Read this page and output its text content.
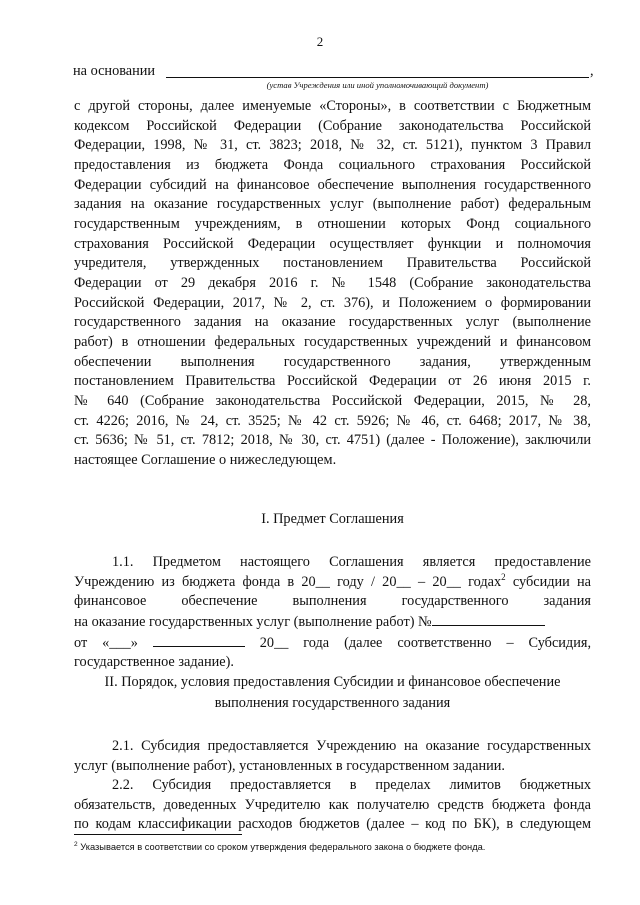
2
на основании	,
(устав Учреждения или иной уполномочивающий документ)
с другой стороны, далее именуемые «Стороны», в соответствии с Бюджетным
кодексом Российской Федерации (Собрание законодательства Российской
Федерации, 1998, № 31, ст. 3823; 2018, № 32, ст. 5121), пунктом 3 Правил
предоставления из бюджета Фонда социального страхования Российской
Федерации субсидий на финансовое обеспечение выполнения государственного
задания на оказание государственных услуг (выполнение работ) федеральным
государственным учреждениям, в отношении которых Фонд социального
страхования Российской Федерации осуществляет функции и полномочия
учредителя, утвержденных постановлением Правительства Российской
Федерации от 29 декабря 2016 г. № 1548 (Собрание законодательства
Российской Федерации, 2017, № 2, ст. 376), и Положением о формировании
государственного задания на оказание государственных услуг (выполнение
работ) в отношении федеральных государственных учреждений и финансовом
обеспечении выполнения государственного задания, утвержденным
постановлением Правительства Российской Федерации от 26 июня 2015 г.
№ 640 (Собрание законодательства Российской Федерации, 2015, № 28,
ст. 4226; 2016, № 24, ст. 3525; № 42 ст. 5926; № 46, ст. 6468; 2017, № 38,
ст. 5636; № 51, ст. 7812; 2018, № 30, ст. 4751) (далее - Положение), заключили
настоящее Соглашение о нижеследующем.
I. Предмет Соглашения
1.1. Предметом настоящего Соглашения является предоставление
Учреждению из бюджета фонда в 20__ году / 20__ – 20__ годах$^2$ субсидии на
финансовое обеспечение выполнения государственного задания
на оказание государственных услуг (выполнение работ) №
от «___»	20__ года (далее соответственно – Субсидия,
государственное задание).
II. Порядок, условия предоставления Субсидии и финансовое обеспечение
выполнения государственного задания
2.1. Субсидия предоставляется Учреждению на оказание государственных
услуг (выполнение работ), установленных в государственном задании.
2.2. Субсидия предоставляется в пределах лимитов бюджетных
обязательств, доведенных Учредителю как получателю средств бюджета фонда
по кодам классификации расходов бюджетов (далее – код по БК), в следующем
$^2$ Указывается в соответствии со сроком утверждения федерального закона о бюджете фонда.
